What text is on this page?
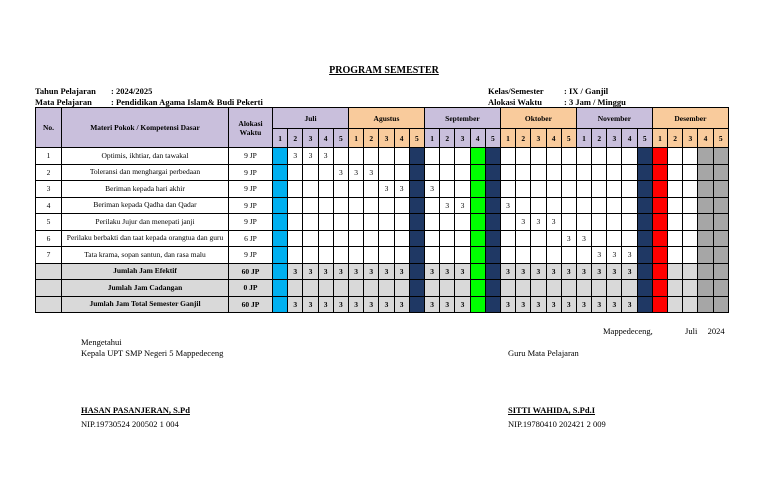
PROGRAM SEMESTER
Tahun Pelajaran : 2024/2025
Mata Pelajaran : Pendidikan Agama Islam& Budi Pekerti
Kelas/Semester : IX / Ganjil
Alokasi Waktu	: 3 Jam / Minggu
No.	Materi Pokok / Kompetensi Dasar	Alokasi Waktu	Juli					Agustus					September					Oktober					November					Desember				
			1	2	3	4	5	1	2	3	4	5	1	2	3	4	5	1	2	3	4	5	1	2	3	4	5	1	2	3	4	5
1	Optimis, ikhtiar, dan tawakal	9 JP		3	3	3																										
2	Toleransi dan menghargai perbedaan	9 JP					3	3	3																							
3	Beriman kepada hari akhir	9 JP								3	3		3																			
4	Beriman kepada Qadha dan Qadar	9 JP												3	3			3														
5	Perilaku Jujur dan menepati janji	9 JP																	3	3	3											
6	Perilaku berbakti dan taat kepada orangtua dan guru	6 JP																				3	3									
7	Tata krama, sopan santun, dan rasa malu	9 JP																						3	3	3						
	Jumlah Jam Efektif	60 JP		3	3	3	3	3	3	3	3		3	3	3			3	3	3	3	3	3	3	3	3						
	Jumlah Jam Cadangan	0 JP																														
	Jumlah Jam Total Semester Ganjil	60 JP		3	3	3	3	3	3	3	3		3	3	3			3	3	3	3	3	3	3	3	3						
Mappedeceng,	Juli 2024
Mengetahui
Kepala UPT SMP Negeri 5 Mappedeceng	Guru Mata Pelajaran
HASAN PASANJERAN, S.Pd
NIP.19730524 200502 1 004
SITTI WAHIDA, S.Pd.I
NIP.19780410 202421 2 009
